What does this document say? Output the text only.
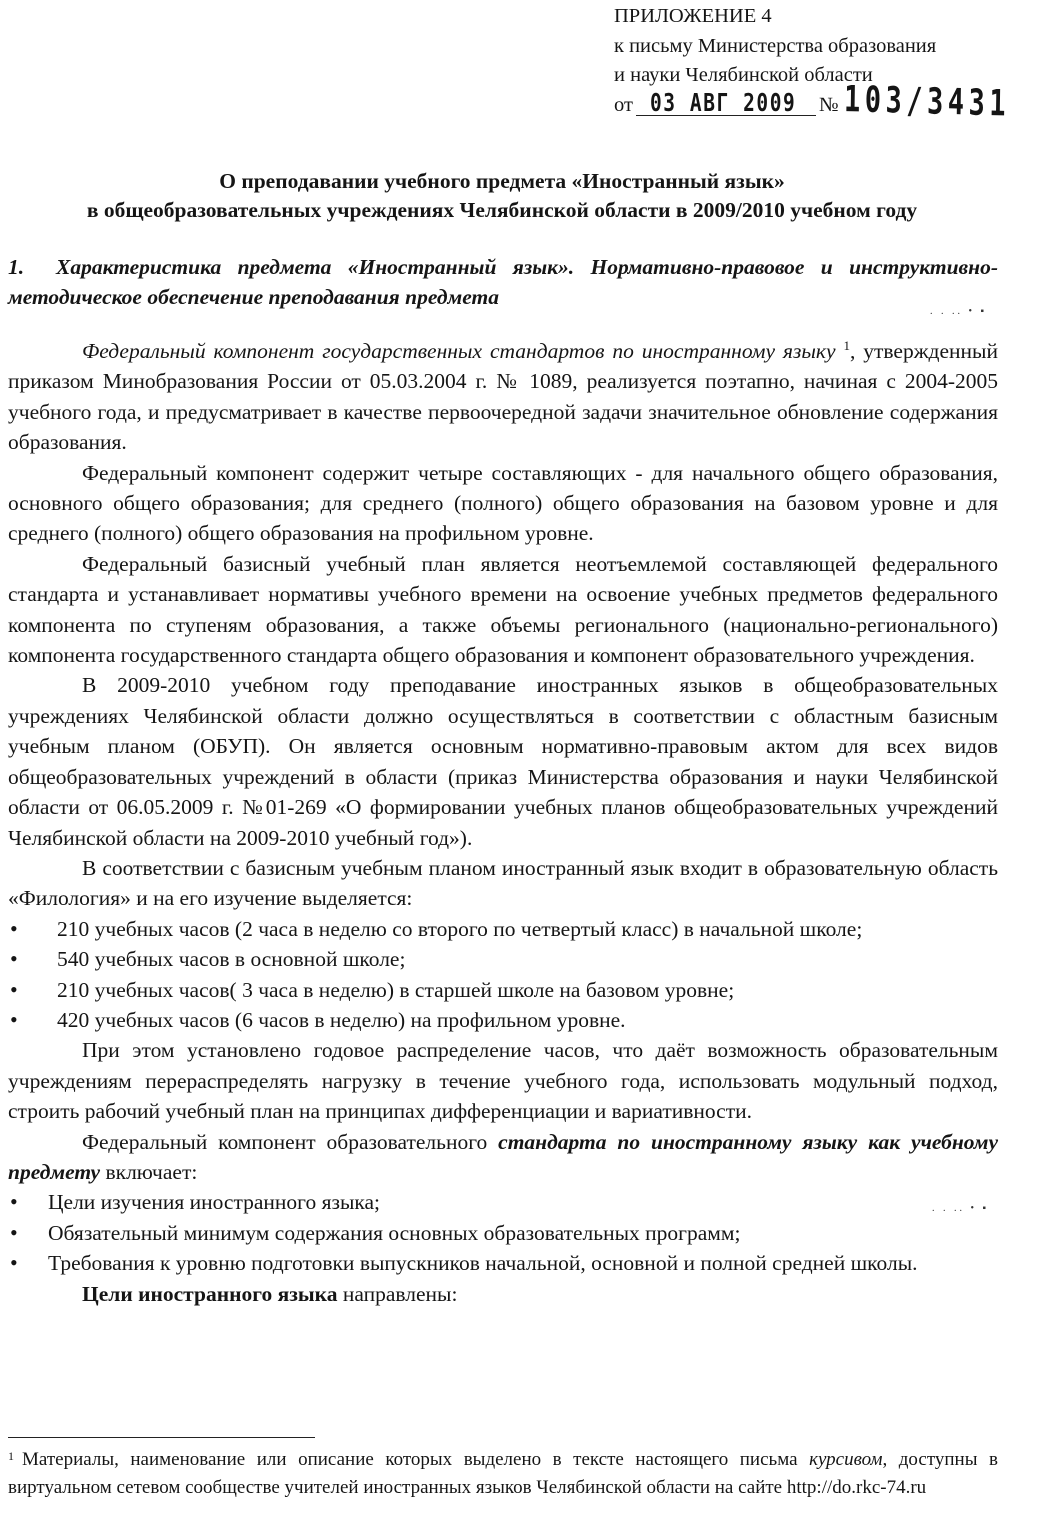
ПРИЛОЖЕНИЕ 4
к письму Министерства образования
и науки Челябинской области
от 03 АВГ 2009 № 103/3431
О преподавании учебного предмета «Иностранный язык»
в общеобразовательных учреждениях Челябинской области в 2009/2010 учебном году
1. Характеристика предмета «Иностранный язык». Нормативно-правовое и инструктивно-методическое обеспечение преподавания предмета
. . .. • ▪

Федеральный компонент государственных стандартов по иностранному языку $^1$, утвержденный приказом Минобразования России от 05.03.2004 г. № 1089, реализуется поэтапно, начиная с 2004-2005 учебного года, и предусматривает в качестве первоочередной задачи значительное обновление содержания образования.

Федеральный компонент содержит четыре составляющих - для начального общего образования, основного общего образования; для среднего (полного) общего образования на базовом уровне и для среднего (полного) общего образования на профильном уровне.

Федеральный базисный учебный план является неотъемлемой составляющей федерального стандарта и устанавливает нормативы учебного времени на освоение учебных предметов федерального компонента по ступеням образования, а также объемы регионального (национально-регионального) компонента государственного стандарта общего образования и компонент образовательного учреждения.

В 2009-2010 учебном году преподавание иностранных языков в общеобразовательных учреждениях Челябинской области должно осуществляться в соответствии с областным базисным учебным планом (ОБУП). Он является основным нормативно-правовым актом для всех видов общеобразовательных учреждений в области (приказ Министерства образования и науки Челябинской области от 06.05.2009 г. №01-269 «О формировании учебных планов общеобразовательных учреждений Челябинской области на 2009-2010 учебный год»).

В соответствии с базисным учебным планом иностранный язык входит в образовательную область «Филология» и на его изучение выделяется:

• 210 учебных часов (2 часа в неделю со второго по четвертый класс) в начальной школе;
• 540 учебных часов в основной школе;
• 210 учебных часов( 3 часа в неделю) в старшей школе на базовом уровне;
• 420 учебных часов (6 часов в неделю) на профильном уровне.

При этом установлено годовое распределение часов, что даёт возможность образовательным учреждениям перераспределять нагрузку в течение учебного года, использовать модульный подход, строить рабочий учебный план на принципах дифференциации и вариативности.

Федеральный компонент образовательного стандарта по иностранному языку как учебному предмету включает:

• Цели изучения иностранного языка;
• Обязательный минимум содержания основных образовательных программ;
• Требования к уровню подготовки выпускников начальной, основной и полной средней школы.

Цели иностранного языка направлены:

. . .. • ▪
$^1$ Материалы, наименование или описание которых выделено в тексте настоящего письма курсивом, доступны в виртуальном сетевом сообществе учителей иностранных языков Челябинской области на сайте http://do.rkc-74.ru
